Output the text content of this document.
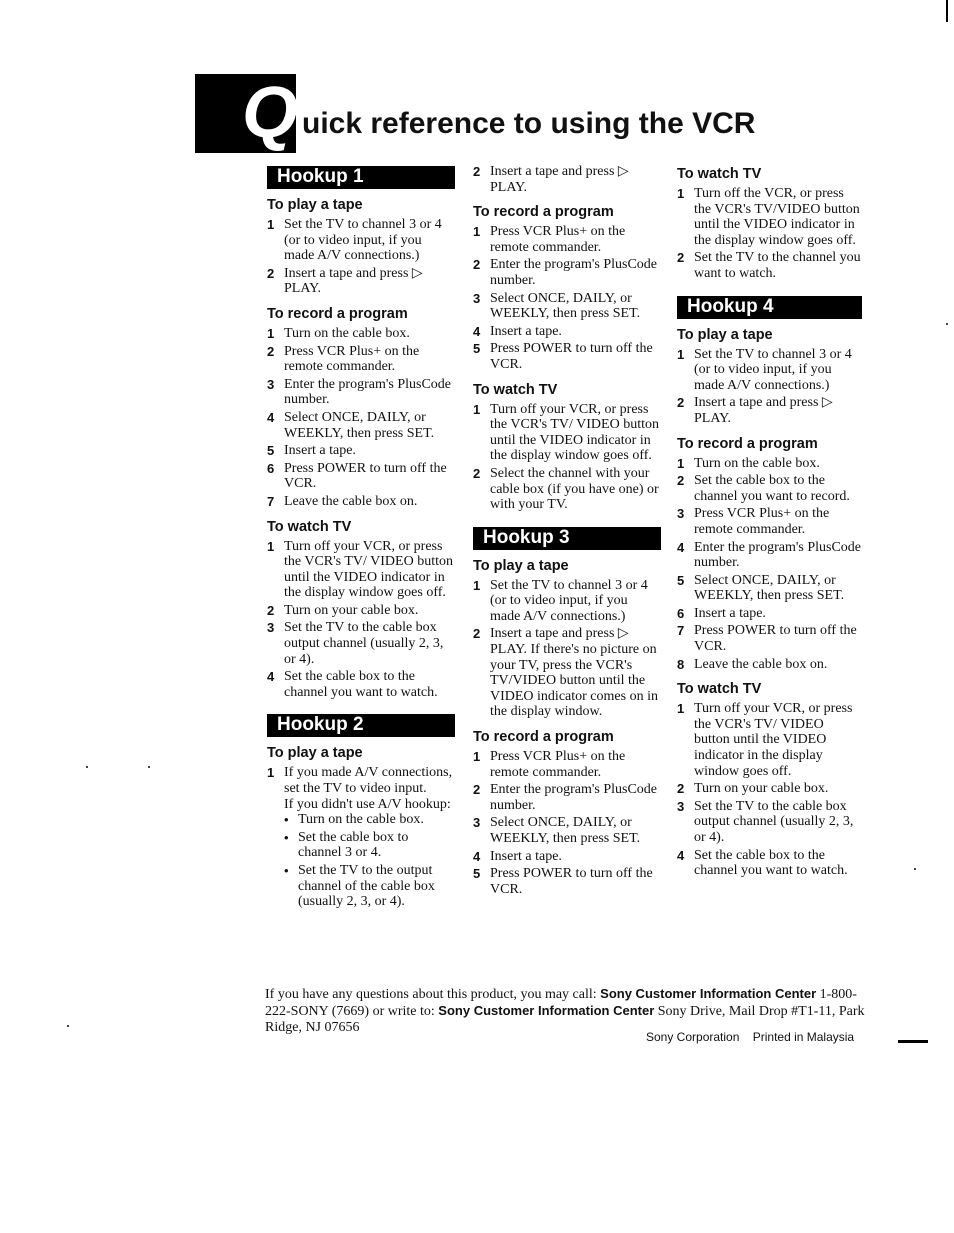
Q uick reference to using the VCR
Hookup 1
To play a tape
1 Set the TV to channel 3 or 4 (or to video input, if you made A/V connections.)
2 Insert a tape and press ▷ PLAY.
To record a program
1 Turn on the cable box.
2 Press VCR Plus+ on the remote commander.
3 Enter the program's PlusCode number.
4 Select ONCE, DAILY, or WEEKLY, then press SET.
5 Insert a tape.
6 Press POWER to turn off the VCR.
7 Leave the cable box on.
To watch TV
1 Turn off your VCR, or press the VCR's TV/ VIDEO button until the VIDEO indicator in the display window goes off.
2 Turn on your cable box.
3 Set the TV to the cable box output channel (usually 2, 3, or 4).
4 Set the cable box to the channel you want to watch.
Hookup 2
To play a tape
1 If you made A/V connections, set the TV to video input.
If you didn't use A/V hookup:
• Turn on the cable box.
• Set the cable box to channel 3 or 4.
• Set the TV to the output channel of the cable box (usually 2, 3, or 4).
2 Insert a tape and press ▷ PLAY.
To record a program
1 Press VCR Plus+ on the remote commander.
2 Enter the program's PlusCode number.
3 Select ONCE, DAILY, or WEEKLY, then press SET.
4 Insert a tape.
5 Press POWER to turn off the VCR.
To watch TV
1 Turn off your VCR, or press the VCR's TV/ VIDEO button until the VIDEO indicator in the display window goes off.
2 Select the channel with your cable box (if you have one) or with your TV.
Hookup 3
To play a tape
1 Set the TV to channel 3 or 4 (or to video input, if you made A/V connections.)
2 Insert a tape and press ▷ PLAY. If there's no picture on your TV, press the VCR's TV/VIDEO button until the VIDEO indicator comes on in the display window.
To record a program
1 Press VCR Plus+ on the remote commander.
2 Enter the program's PlusCode number.
3 Select ONCE, DAILY, or WEEKLY, then press SET.
4 Insert a tape.
5 Press POWER to turn off the VCR.
To watch TV
1 Turn off the VCR, or press the VCR's TV/VIDEO button until the VIDEO indicator in the display window goes off.
2 Set the TV to the channel you want to watch.
Hookup 4
To play a tape
1 Set the TV to channel 3 or 4 (or to video input, if you made A/V connections.)
2 Insert a tape and press ▷ PLAY.
To record a program
1 Turn on the cable box.
2 Set the cable box to the channel you want to record.
3 Press VCR Plus+ on the remote commander.
4 Enter the program's PlusCode number.
5 Select ONCE, DAILY, or WEEKLY, then press SET.
6 Insert a tape.
7 Press POWER to turn off the VCR.
8 Leave the cable box on.
To watch TV
1 Turn off your VCR, or press the VCR's TV/ VIDEO button until the VIDEO indicator in the display window goes off.
2 Turn on your cable box.
3 Set the TV to the cable box output channel (usually 2, 3, or 4).
4 Set the cable box to the channel you want to watch.
If you have any questions about this product, you may call: Sony Customer Information Center 1-800-222-SONY (7669) or write to: Sony Customer Information Center Sony Drive, Mail Drop #T1-11, Park Ridge, NJ 07656
Sony Corporation    Printed in Malaysia
